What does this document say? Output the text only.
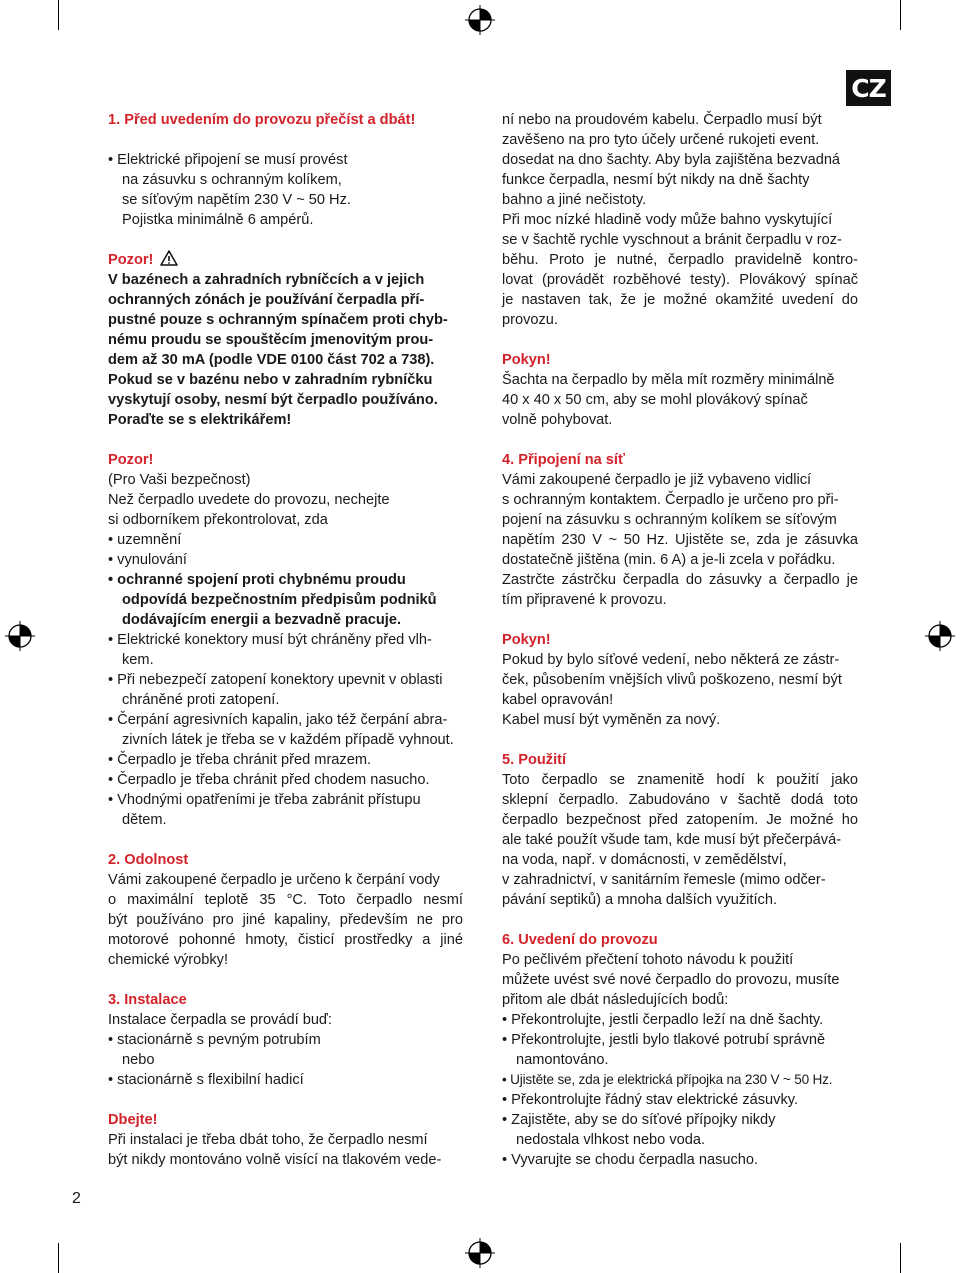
CZ

1. Před uvedením do provozu přečíst a dbát!

• Elektrické připojení se musí provést

na zásuvku s ochranným kolíkem,

se síťovým napětím 230 V ~ 50 Hz.

Pojistka minimálně 6 ampérů.

Pozor!

V bazénech a zahradních rybníčcích a v jejich

ochranných zónách je používání čerpadla pří-

pustné pouze s ochranným spínačem proti chyb-

nému proudu se spouštěcím jmenovitým prou-

dem až 30 mA (podle VDE 0100 část 702 a 738).

Pokud se v bazénu nebo v zahradním rybníčku

vyskytují osoby, nesmí být čerpadlo používáno.

Poraďte se s elektrikářem!

Pozor!

(Pro Vaši bezpečnost)

Než čerpadlo uvedete do provozu, nechejte

si odborníkem překontrolovat, zda

• uzemnění

• vynulování

• ochranné spojení proti chybnému proudu

odpovídá bezpečnostním předpisům podniků

dodávajícím energii a bezvadně pracuje.

• Elektrické konektory musí být chráněny před vlh-

kem.

• Při nebezpečí zatopení konektory upevnit v oblasti

chráněné proti zatopení.

• Čerpání agresivních kapalin, jako též čerpání abra-

zivních látek je třeba se v každém případě vyhnout.

• Čerpadlo je třeba chránit před mrazem.

• Čerpadlo je třeba chránit před chodem nasucho.

• Vhodnými opatřeními je třeba zabránit přístupu

dětem.

2. Odolnost

Vámi zakoupené čerpadlo je určeno k čerpání vody

o maximální teplotě 35 °C. Toto čerpadlo nesmí

být používáno pro jiné kapaliny, především ne pro

motorové pohonné hmoty, čisticí prostředky a jiné

chemické výrobky!

3. Instalace

Instalace čerpadla se provádí buď:

• stacionárně s pevným potrubím

nebo

• stacionárně s flexibilní hadicí

Dbejte!

Při instalaci je třeba dbát toho, že čerpadlo nesmí

být nikdy montováno volně visící na tlakovém vede-

ní nebo na proudovém kabelu. Čerpadlo musí být

zavěšeno na pro tyto účely určené rukojeti event.

dosedat na dno šachty. Aby byla zajištěna bezvadná

funkce čerpadla, nesmí být nikdy na dně šachty

bahno a jiné nečistoty.

Při moc nízké hladině vody může bahno vyskytující

se v šachtě rychle vyschnout a bránit čerpadlu v roz-

běhu. Proto je nutné, čerpadlo pravidelně kontro-

lovat (provádět rozběhové testy). Plovákový spínač

je nastaven tak, že je možné okamžité uvedení do

provozu.

Pokyn!

Šachta na čerpadlo by měla mít rozměry minimálně

40 x 40 x 50 cm, aby se mohl plovákový spínač

volně pohybovat.

4. Připojení na síť

Vámi zakoupené čerpadlo je již vybaveno vidlicí

s ochranným kontaktem. Čerpadlo je určeno pro při-

pojení na zásuvku s ochranným kolíkem se síťovým

napětím 230 V ~ 50 Hz. Ujistěte se, zda je zásuvka

dostatečně jištěna (min. 6 A) a je-li zcela v pořádku.

Zastrčte zástrčku čerpadla do zásuvky a čerpadlo je

tím připravené k provozu.

Pokyn!

Pokud by bylo síťové vedení, nebo některá ze zástr-

ček, působením vnějších vlivů poškozeno, nesmí být

kabel opravován!

Kabel musí být vyměněn za nový.

5. Použití

Toto čerpadlo se znamenitě hodí k použití jako

sklepní čerpadlo. Zabudováno v šachtě dodá toto

čerpadlo bezpečnost před zatopením. Je možné ho

ale také použít všude tam, kde musí být přečerpává-

na voda, např. v domácnosti, v zemědělství,

v zahradnictví, v sanitárním řemesle (mimo odčer-

pávání septiků) a mnoha dalších využitích.

6. Uvedení do provozu

Po pečlivém přečtení tohoto návodu k použití

můžete uvést své nové čerpadlo do provozu, musíte

přitom ale dbát následujících bodů:

• Překontrolujte, jestli čerpadlo leží na dně šachty.

• Překontrolujte, jestli bylo tlakové potrubí správně

namontováno.

• Ujistěte se, zda je elektrická přípojka na 230 V ~ 50 Hz.

• Překontrolujte řádný stav elektrické zásuvky.

• Zajistěte, aby se do síťové přípojky nikdy

nedostala vlhkost nebo voda.

• Vyvarujte se chodu čerpadla nasucho.

2
